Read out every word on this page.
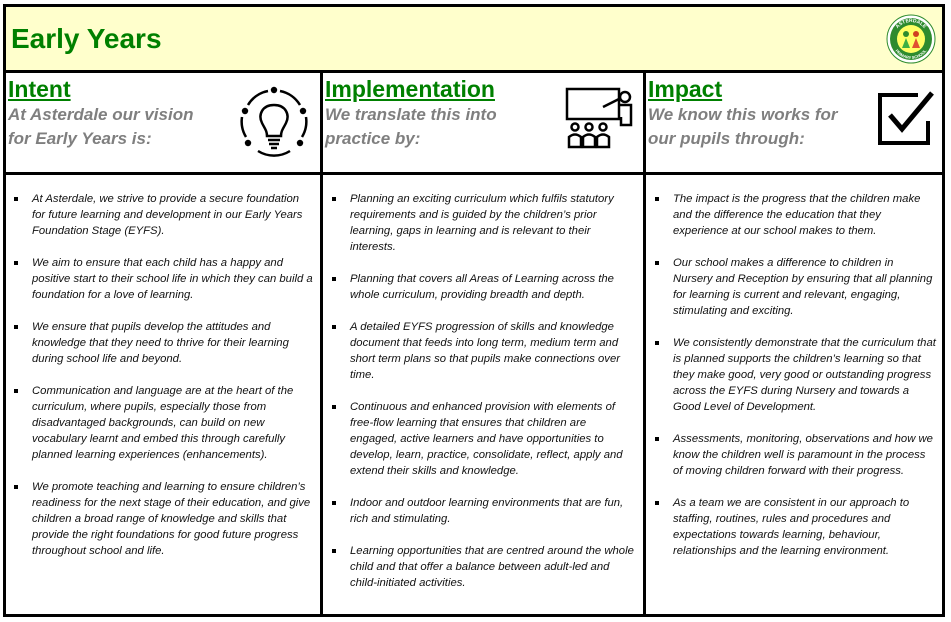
Early Years	ASTERDALE
PRIMARY SCHOOL
Intent
At Asterdale our vision
for Early Years is:
At Asterdale, we strive to provide a secure foundation for future learning and development in our Early Years Foundation Stage (EYFS).
We aim to ensure that each child has a happy and positive start to their school life in which they can build a foundation for a love of learning.
We ensure that pupils develop the attitudes and knowledge that they need to thrive for their learning during school life and beyond.
Communication and language are at the heart of the curriculum, where pupils, especially those from disadvantaged backgrounds, can build on new vocabulary learnt and embed this through carefully planned learning experiences (enhancements).
We promote teaching and learning to ensure children’s readiness for the next stage of their education, and give children a broad range of knowledge and skills that provide the right foundations for good future progress throughout school and life.
Implementation
We translate this into
practice by:
Planning an exciting curriculum which fulfils statutory requirements and is guided by the children’s prior learning, gaps in learning and is relevant to their interests.
Planning that covers all Areas of Learning across the whole curriculum, providing breadth and depth.
A detailed EYFS progression of skills and knowledge document that feeds into long term, medium term and short term plans so that pupils make connections over time.
Continuous and enhanced provision with elements of free-flow learning that ensures that children are engaged, active learners and have opportunities to develop, learn, practice, consolidate, reflect, apply and extend their skills and knowledge.
Indoor and outdoor learning environments that are fun, rich and stimulating.
Learning opportunities that are centred around the whole child and that offer a balance between adult-led and child-initiated activities.
Impact
We know this works for
our pupils through:
The impact is the progress that the children make and the difference the education that they experience at our school makes to them.
Our school makes a difference to children in Nursery and Reception by ensuring that all planning for learning is current and relevant, engaging, stimulating and exciting.
We consistently demonstrate that the curriculum that is planned supports the children’s learning so that they make good, very good or outstanding progress across the EYFS during Nursery and towards a Good Level of Development.
Assessments, monitoring, observations and how we know the children well is paramount in the process of moving children forward with their progress.
As a team we are consistent in our approach to staffing, routines, rules and procedures and expectations towards learning, behaviour, relationships and the learning environment.
